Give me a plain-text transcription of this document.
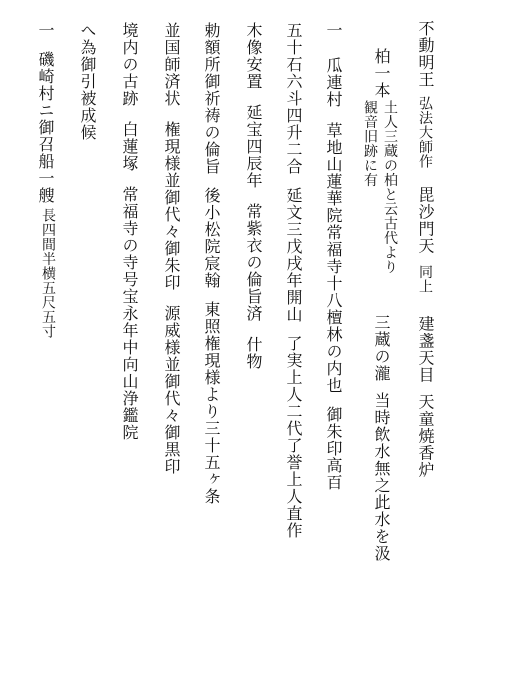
不動明王弘法大師作毘沙門天同上建盞天目天童焼香炉
柏一本
土人三蔵の柏と云古代より
観音旧跡に有
三蔵の瀧当時飲水無之此水を汲
一瓜連村草地山蓮華院常福寺十八檀林の内也御朱印高百
五十石六斗四升二合延文三戊戌年開山了実上人二代了誉上人直作
木像安置延宝四辰年常紫衣の倫旨済什物
勅額所御祈祷の倫旨後小松院宸翰東照権現様より三十五ヶ条
並国師済状権現様並御代々御朱印源威様並御代々御黒印
境内の古跡白蓮塚常福寺の寺号宝永年中向山浄鑑院
へ為御引被成候
一磯崎村ニ御召船一艘
長四間半横五尺五寸
